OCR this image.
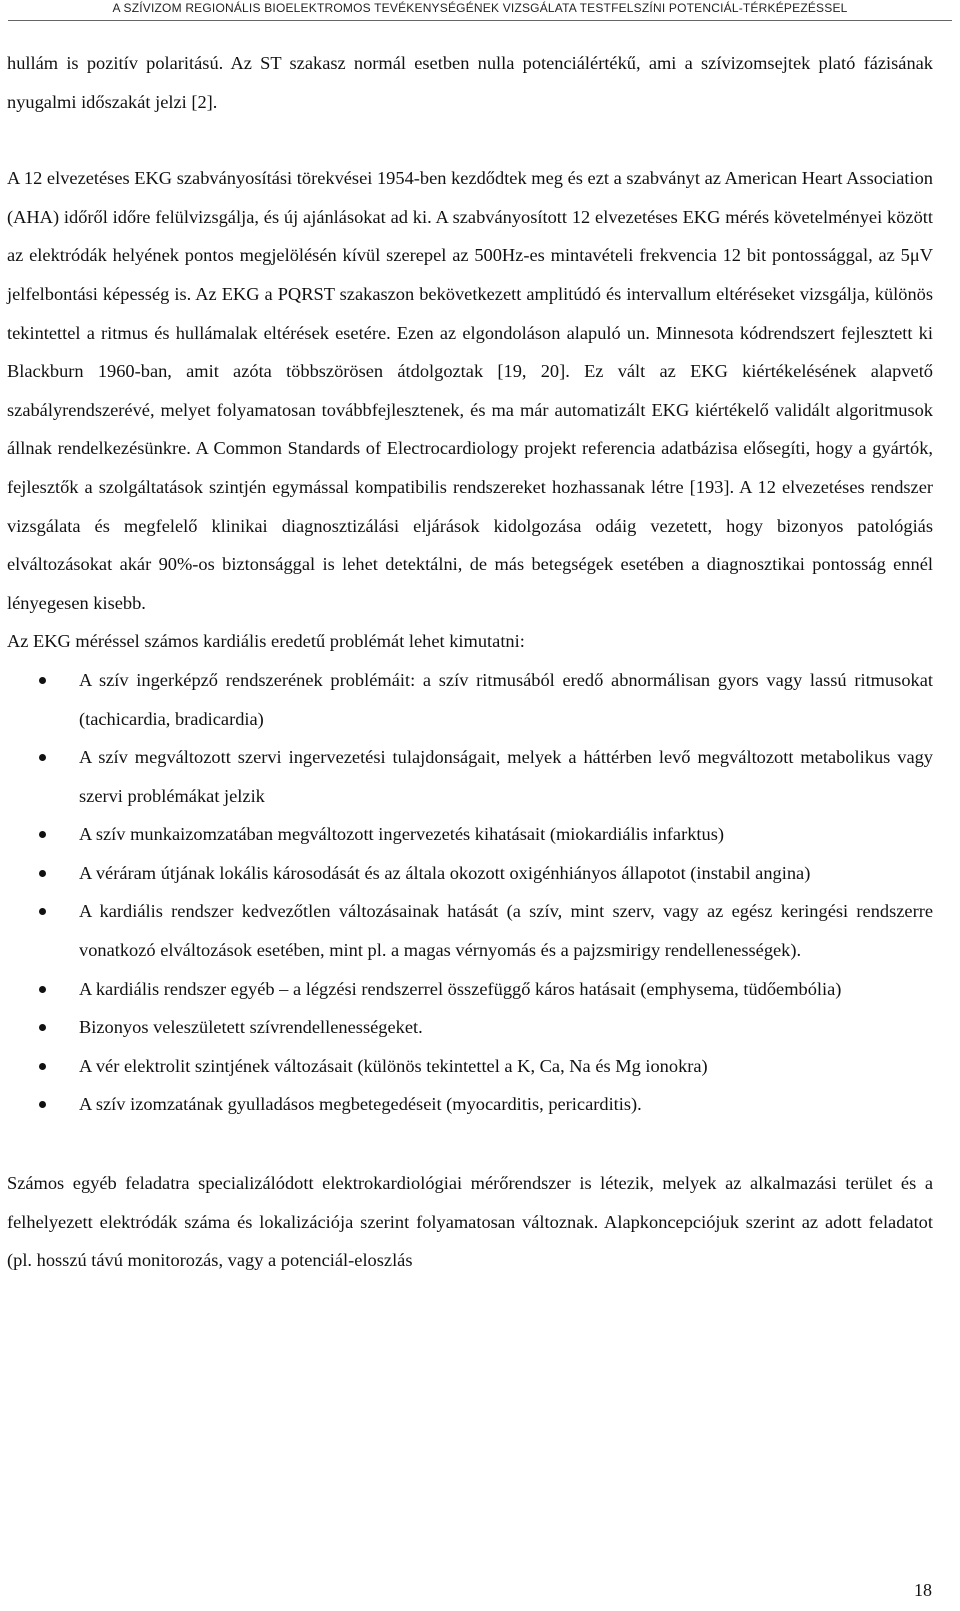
A SZÍVIZOM REGIONÁLIS BIOELEKTROMOS TEVÉKENYSÉGÉNEK VIZSGÁLATA TESTFELSZÍNI POTENCIÁL-TÉRKÉPEZÉSSEL

hullám is pozitív polaritású. Az ST szakasz normál esetben nulla potenciálértékű, ami a szívizomsejtek plató fázisának nyugalmi időszakát jelzi [2].

A 12 elvezetéses EKG szabványosítási törekvései 1954-ben kezdődtek meg és ezt a szabványt az American Heart Association (AHA) időről időre felülvizsgálja, és új ajánlásokat ad ki. A szabványosított 12 elvezetéses EKG mérés követelményei között az elektródák helyének pontos megjelölésén kívül szerepel az 500Hz-es mintavételi frekvencia 12 bit pontossággal, az 5μV jelfelbontási képesség is. Az EKG a PQRST szakaszon bekövetkezett amplitúdó és intervallum eltéréseket vizsgálja, különös tekintettel a ritmus és hullámalak eltérések esetére. Ezen az elgondoláson alapuló un. Minnesota kódrendszert fejlesztett ki Blackburn 1960-ban, amit azóta többszörösen átdolgoztak [19, 20]. Ez vált az EKG kiértékelésének alapvető szabályrendszerévé, melyet folyamatosan továbbfejlesztenek, és ma már automatizált EKG kiértékelő validált algoritmusok állnak rendelkezésünkre. A Common Standards of Electrocardiology projekt referencia adatbázisa elősegíti, hogy a gyártók, fejlesztők a szolgáltatások szintjén egymással kompatibilis rendszereket hozhassanak létre [193]. A 12 elvezetéses rendszer vizsgálata és megfelelő klinikai diagnosztizálási eljárások kidolgozása odáig vezetett, hogy bizonyos patológiás elváltozásokat akár 90%-os biztonsággal is lehet detektálni, de más betegségek esetében a diagnosztikai pontosság ennél lényegesen kisebb.

Az EKG méréssel számos kardiális eredetű problémát lehet kimutatni:

A szív ingerképző rendszerének problémáit: a szív ritmusából eredő abnormálisan gyors vagy lassú ritmusokat (tachicardia, bradicardia)
A szív megváltozott szervi ingervezetési tulajdonságait, melyek a háttérben levő megváltozott metabolikus vagy szervi problémákat jelzik
A szív munkaizomzatában megváltozott ingervezetés kihatásait (miokardiális infarktus)
A véráram útjának lokális károsodását és az általa okozott oxigénhiányos állapotot (instabil angina)
A kardiális rendszer kedvezőtlen változásainak hatását (a szív, mint szerv, vagy az egész keringési rendszerre vonatkozó elváltozások esetében, mint pl. a magas vérnyomás és a pajzsmirigy rendellenességek).
A kardiális rendszer egyéb – a légzési rendszerrel összefüggő káros hatásait (emphysema, tüdőembólia)
Bizonyos veleszületett szívrendellenességeket.
A vér elektrolit szintjének változásait (különös tekintettel a K, Ca, Na és Mg ionokra)
A szív izomzatának gyulladásos megbetegedéseit (myocarditis, pericarditis).

Számos egyéb feladatra specializálódott elektrokardiológiai mérőrendszer is létezik, melyek az alkalmazási terület és a felhelyezett elektródák száma és lokalizációja szerint folyamatosan változnak. Alapkoncepciójuk szerint az adott feladatot (pl. hosszú távú monitorozás, vagy a potenciál-eloszlás

18
